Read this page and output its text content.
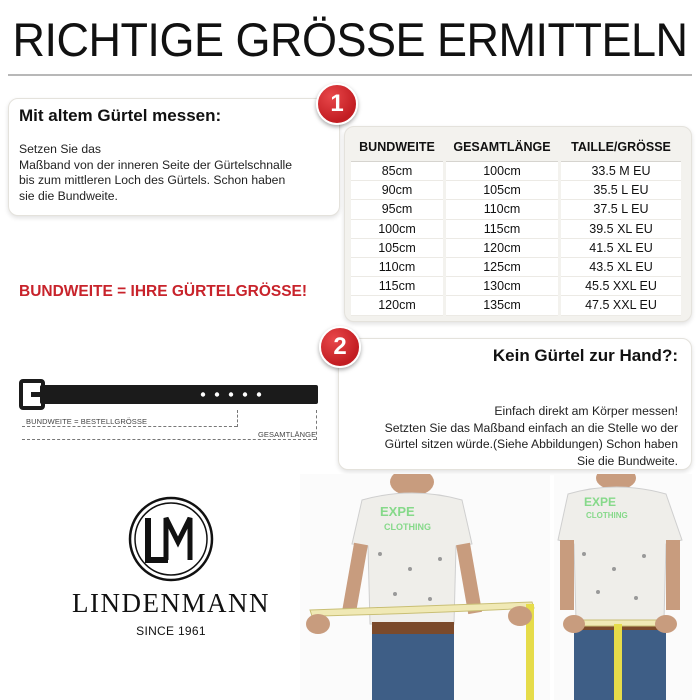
RICHTIGE GRÖSSE ERMITTELN
1
Mit altem Gürtel messen:
Setzen Sie das
Maßband von der inneren Seite der Gürtelschnalle
bis zum mittleren Loch des Gürtels. Schon haben
sie die Bundweite.
BUNDWEITE = IHRE GÜRTELGRÖSSE!
BUNDWEITE	GESAMTLÄNGE	TAILLE/GRÖSSE
85cm	100cm	33.5 M EU
90cm	105cm	35.5 L EU
95cm	110cm	37.5 L EU
100cm	115cm	39.5 XL EU
105cm	120cm	41.5 XL EU
110cm	125cm	43.5 XL EU
115cm	130cm	45.5 XXL EU
120cm	135cm	47.5 XXL EU
2	Kein Gürtel zur Hand?:
Einfach direkt am Körper messen!
Setzten Sie das Maßband einfach an die Stelle wo der
Gürtel sitzen würde.(Siehe Abbildungen) Schon haben
Sie die Bundweite.
BUNDWEITE = BESTELLGRÖSSE
GESAMTLÄNGE
LINDENMANN
SINCE 1961
EXPE
CLOTHING
EXPE
CLOTHING
